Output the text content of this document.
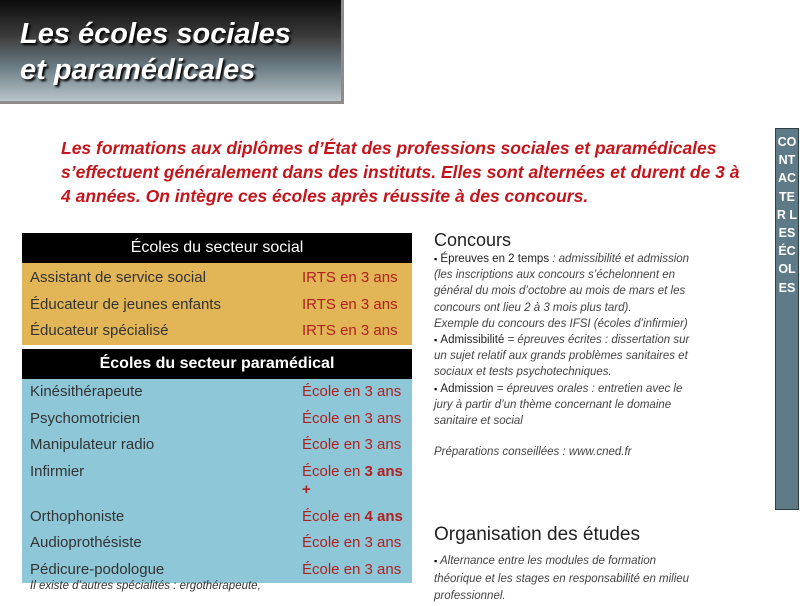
Les écoles sociales
et paramédicales

Les formations aux diplômes d’État des professions sociales et paramédicales s’effectuent généralement dans des instituts. Elles sont alternées et durent de 3 à 4 années. On intègre ces écoles après réussite à des concours.

Écoles du secteur social	
Assistant de service social	IRTS en 3 ans
Éducateur de jeunes enfants	IRTS en 3 ans
Éducateur spécialisé	IRTS en 3 ans
Écoles du secteur paramédical	
Kinésithérapeute	École en 3 ans
Psychomotricien	École en 3 ans
Manipulateur radio	École en 3 ans
Infirmier	École en 3 ans
+
Orthophoniste	École en 4 ans
Audioprothésiste	École en 3 ans
Pédicure-podologue	École en 3 ans

Il existe d’autres spécialités : ergothérapeute,

Concours

▪ Épreuves en 2 temps : admissibilité et admission (les inscriptions aux concours s’échelonnent en général du mois d’octobre au mois de mars et les concours ont lieu 2 à 3 mois plus tard).

Exemple du concours des IFSI (écoles d’infirmier)

▪ Admissibilité = épreuves écrites : dissertation sur un sujet relatif aux grands problèmes sanitaires et sociaux et tests psychotechniques.

▪ Admission = épreuves orales : entretien avec le jury à partir d’un thème concernant le domaine sanitaire et social

Préparations conseillées : www.cned.fr

Organisation des études

▪ Alternance entre les modules de formation théorique et les stages en responsabilité en milieu professionnel.

CONTACTER LES ÉCOLES
